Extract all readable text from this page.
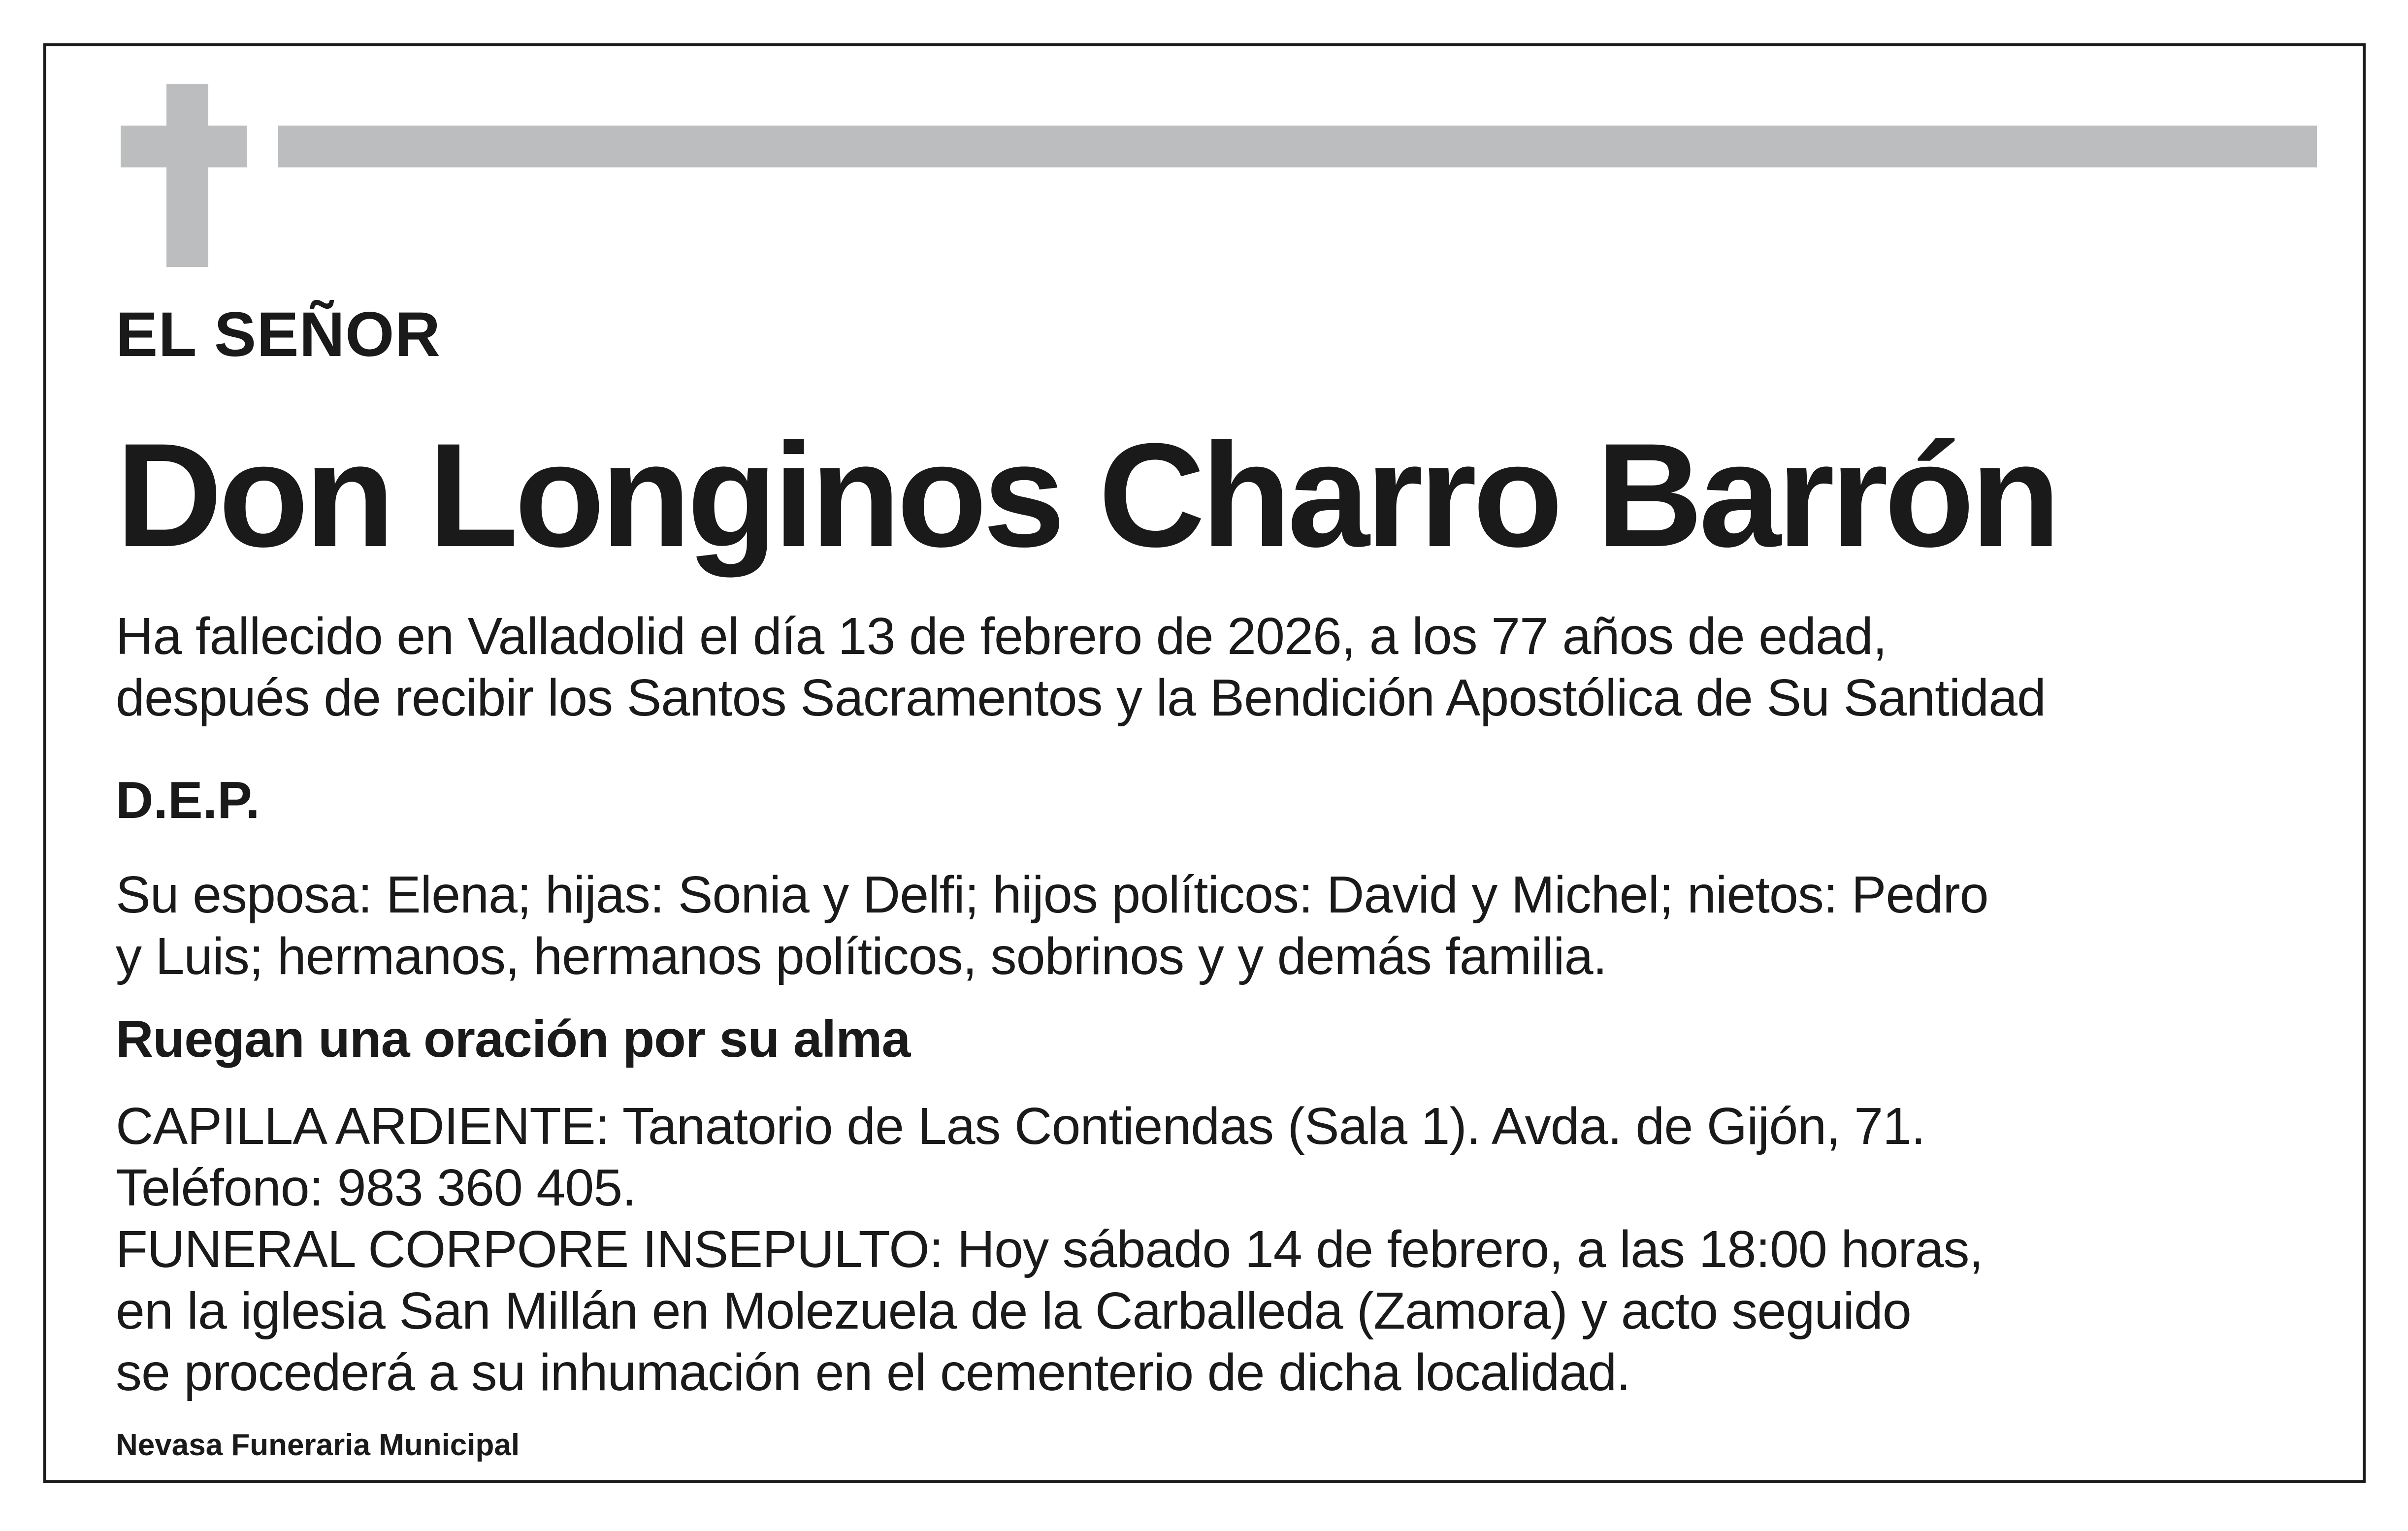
EL SEÑOR
Don Longinos Charro Barrón
Ha fallecido en Valladolid el día 13 de febrero de 2026, a los 77 años de edad,
después de recibir los Santos Sacramentos y la Bendición Apostólica de Su Santidad
D.E.P.
Su esposa: Elena; hijas: Sonia y Delfi; hijos políticos: David y Michel; nietos: Pedro
y Luis; hermanos, hermanos políticos, sobrinos y y demás familia.
Ruegan una oración por su alma
CAPILLA ARDIENTE: Tanatorio de Las Contiendas (Sala 1). Avda. de Gijón, 71.
Teléfono: 983 360 405.
FUNERAL CORPORE INSEPULTO: Hoy sábado 14 de febrero, a las 18:00 horas,
en la iglesia San Millán en Molezuela de la Carballeda (Zamora) y acto seguido
se procederá a su inhumación en el cementerio de dicha localidad.
Nevasa Funeraria Municipal
